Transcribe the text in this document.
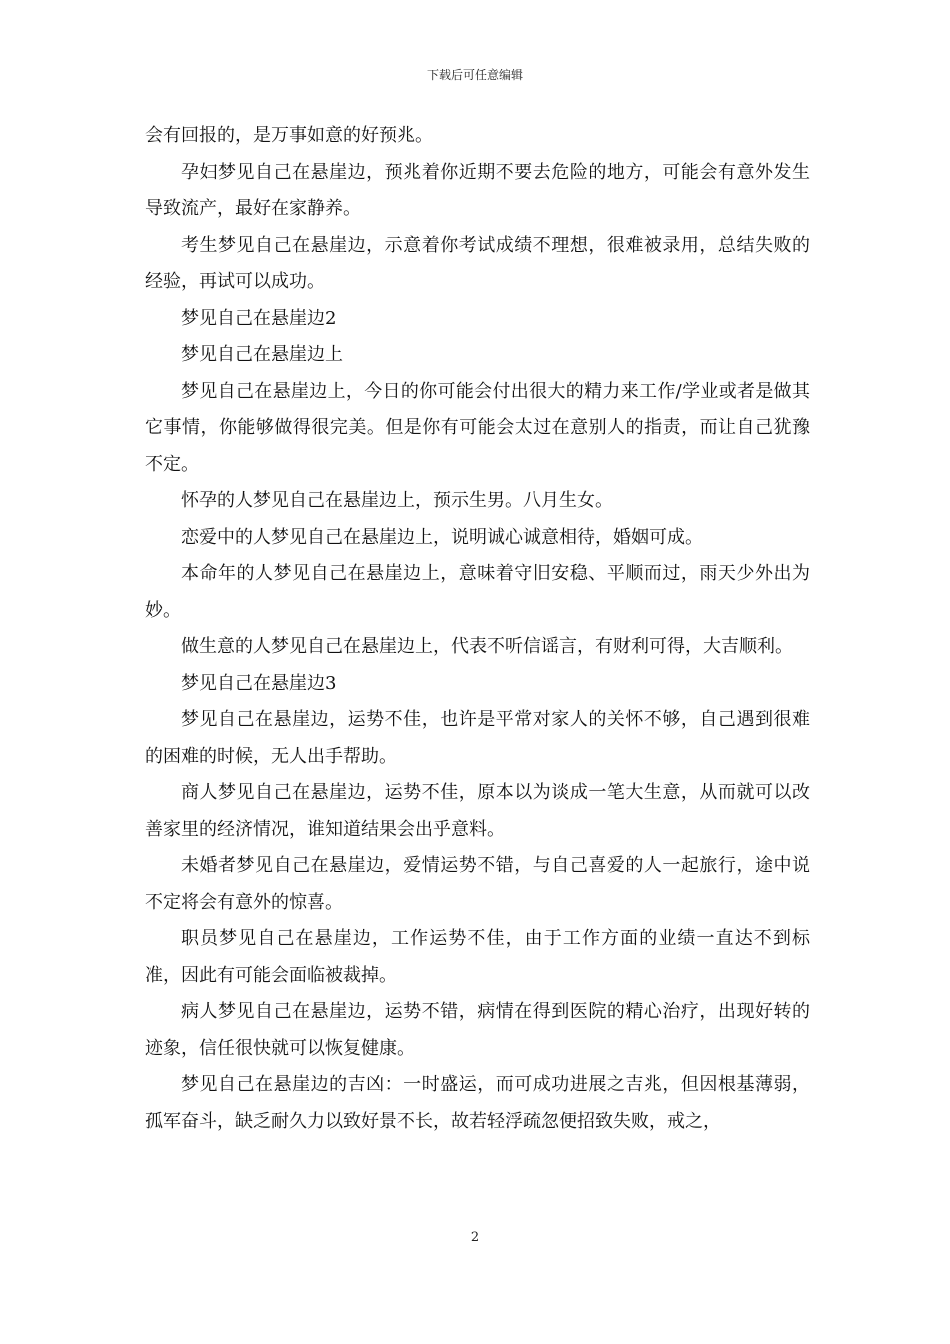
下载后可任意编辑

会有回报的，是万事如意的好预兆。

孕妇梦见自己在悬崖边，预兆着你近期不要去危险的地方，可能会有意外发生导致流产，最好在家静养。

考生梦见自己在悬崖边，示意着你考试成绩不理想，很难被录用，总结失败的经验，再试可以成功。

梦见自己在悬崖边2

梦见自己在悬崖边上

梦见自己在悬崖边上，今日的你可能会付出很大的精力来工作/学业或者是做其它事情，你能够做得很完美。但是你有可能会太过在意别人的指责，而让自己犹豫不定。

怀孕的人梦见自己在悬崖边上，预示生男。八月生女。

恋爱中的人梦见自己在悬崖边上，说明诚心诚意相待，婚姻可成。

本命年的人梦见自己在悬崖边上，意味着守旧安稳、平顺而过，雨天少外出为妙。

做生意的人梦见自己在悬崖边上，代表不听信谣言，有财利可得，大吉顺利。

梦见自己在悬崖边3

梦见自己在悬崖边，运势不佳，也许是平常对家人的关怀不够，自己遇到很难的困难的时候，无人出手帮助。

商人梦见自己在悬崖边，运势不佳，原本以为谈成一笔大生意，从而就可以改善家里的经济情况，谁知道结果会出乎意料。

未婚者梦见自己在悬崖边，爱情运势不错，与自己喜爱的人一起旅行，途中说不定将会有意外的惊喜。

职员梦见自己在悬崖边，工作运势不佳，由于工作方面的业绩一直达不到标准，因此有可能会面临被裁掉。

病人梦见自己在悬崖边，运势不错，病情在得到医院的精心治疗，出现好转的迹象，信任很快就可以恢复健康。

梦见自己在悬崖边的吉凶：一时盛运，而可成功进展之吉兆，但因根基薄弱，孤军奋斗，缺乏耐久力以致好景不长，故若轻浮疏忽便招致失败，戒之，

2
